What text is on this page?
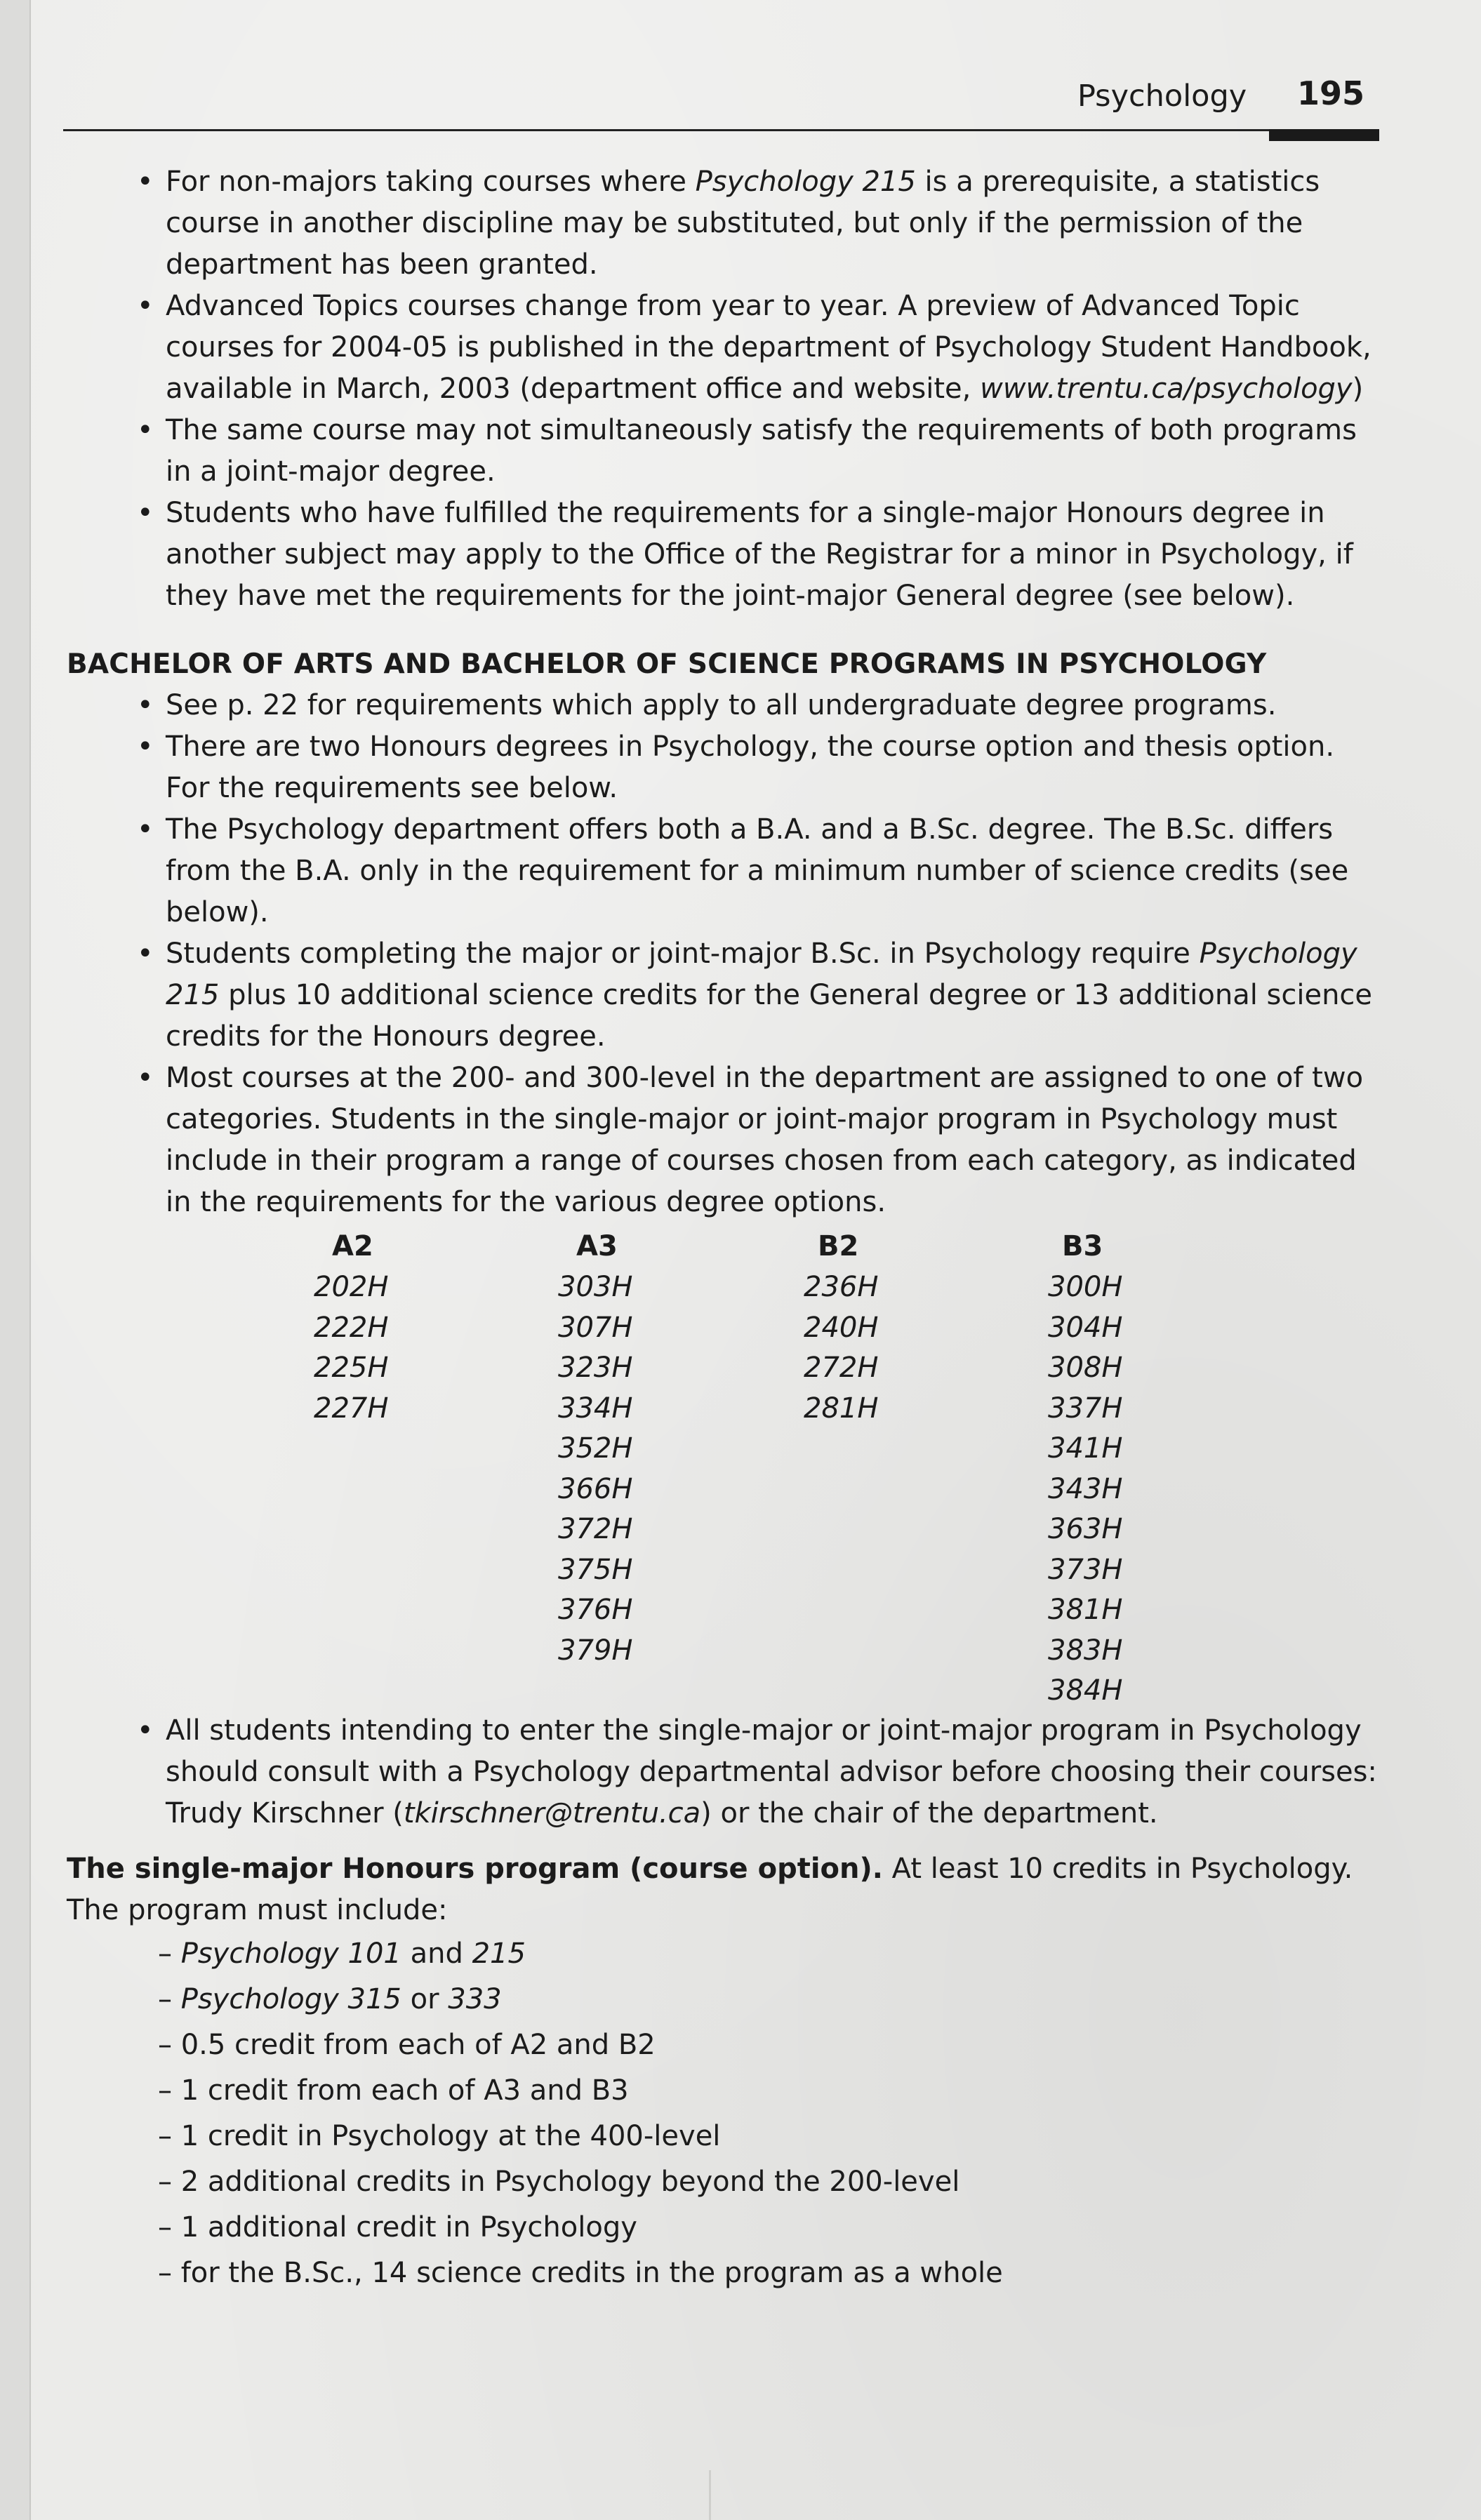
Psychology 195
• For non-majors taking courses where Psychology 215 is a prerequisite, a statistics course in another discipline may be substituted, but only if the permission of the department has been granted.
• Advanced Topics courses change from year to year. A preview of Advanced Topic courses for 2004-05 is published in the department of Psychology Student Handbook, available in March, 2003 (department office and website, www.trentu.ca/psychology)
• The same course may not simultaneously satisfy the requirements of both programs in a joint-major degree.
• Students who have fulfilled the requirements for a single-major Honours degree in another subject may apply to the Office of the Registrar for a minor in Psychology, if they have met the requirements for the joint-major General degree (see below).
BACHELOR OF ARTS AND BACHELOR OF SCIENCE PROGRAMS IN PSYCHOLOGY
• See p. 22 for requirements which apply to all undergraduate degree programs.
• There are two Honours degrees in Psychology, the course option and thesis option. For the requirements see below.
• The Psychology department offers both a B.A. and a B.Sc. degree. The B.Sc. differs from the B.A. only in the requirement for a minimum number of science credits (see below).
• Students completing the major or joint-major B.Sc. in Psychology require Psychology 215 plus 10 additional science credits for the General degree or 13 additional science credits for the Honours degree.
• Most courses at the 200- and 300-level in the department are assigned to one of two categories. Students in the single-major or joint-major program in Psychology must include in their program a range of courses chosen from each category, as indicated in the requirements for the various degree options.
A2
202H
222H
225H
227H
A3
303H
307H
323H
334H
352H
366H
372H
375H
376H
379H
B2
236H
240H
272H
281H
B3
300H
304H
308H
337H
341H
343H
363H
373H
381H
383H
384H
• All students intending to enter the single-major or joint-major program in Psychology should consult with a Psychology departmental advisor before choosing their courses: Trudy Kirschner (tkirschner@trentu.ca) or the chair of the department.
The single-major Honours program (course option). At least 10 credits in Psychology. The program must include:
– Psychology 101 and 215
– Psychology 315 or 333
– 0.5 credit from each of A2 and B2
– 1 credit from each of A3 and B3
– 1 credit in Psychology at the 400-level
– 2 additional credits in Psychology beyond the 200-level
– 1 additional credit in Psychology
– for the B.Sc., 14 science credits in the program as a whole
